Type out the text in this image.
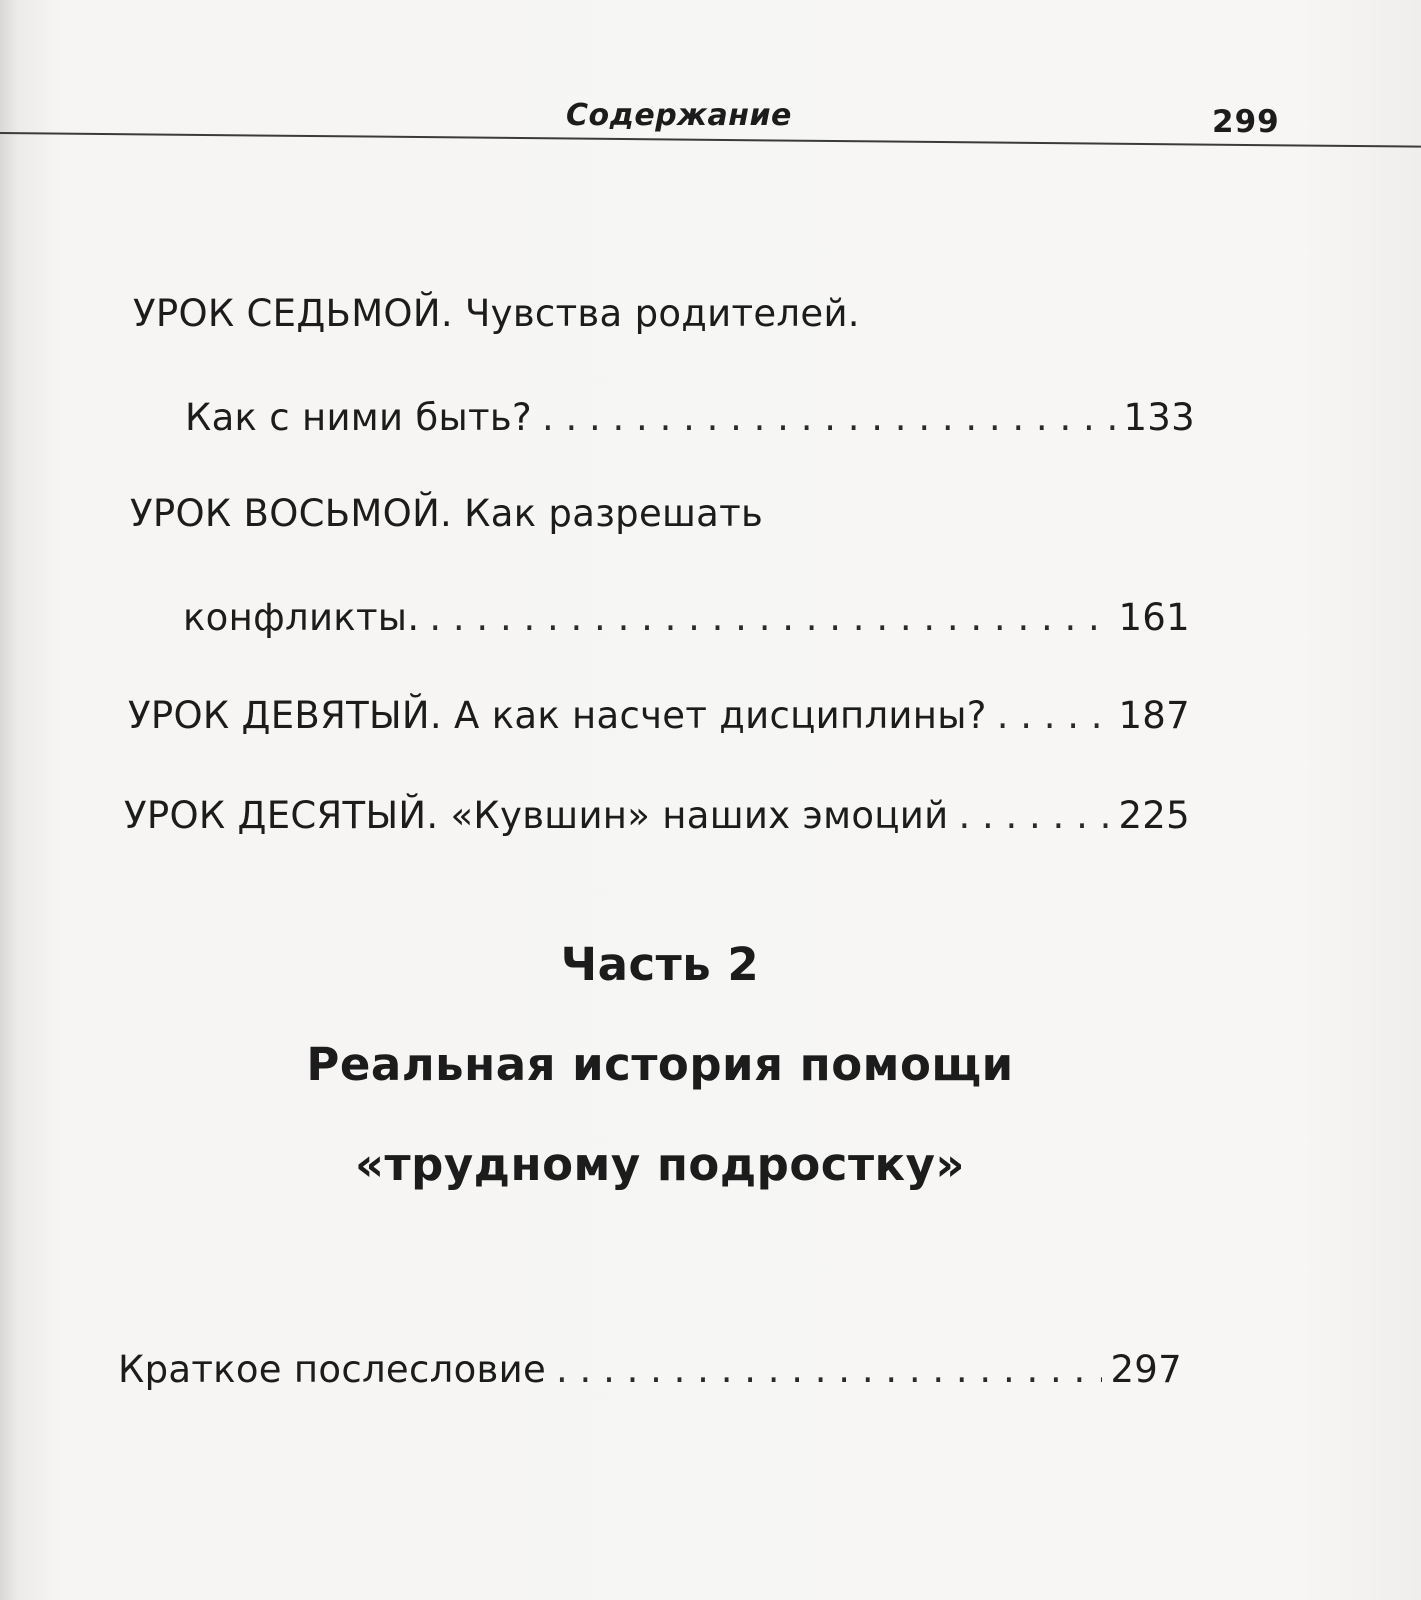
Содержание	299
УРОК СЕДЬМОЙ. Чувства родителей.
Как с ними быть? . . .	133
УРОК ВОСЬМОЙ. Как разрешать
конфликты. . . .	161
УРОК ДЕВЯТЫЙ. А как насчет дисциплины? . . .	187
УРОК ДЕСЯТЫЙ. «Кувшин» наших эмоций . . .	225
Часть 2
Реальная история помощи
«трудному подростку»
Краткое послесловие . . .	297
